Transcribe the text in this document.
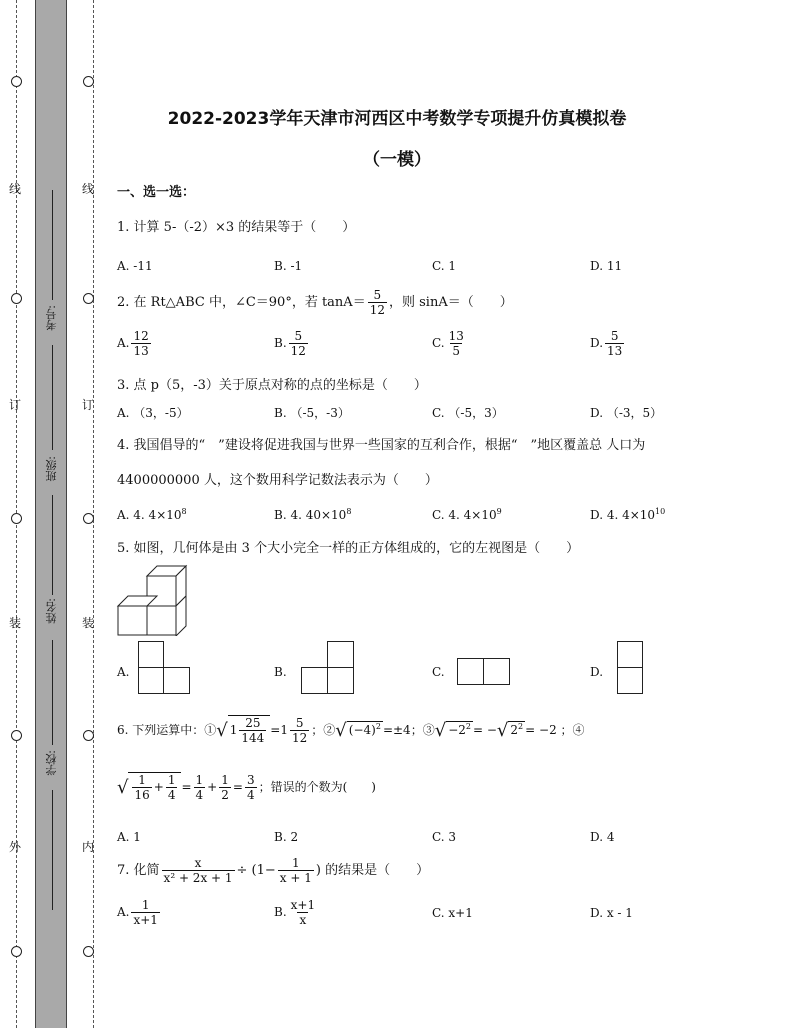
线
订
装
外
线
订
装
内
考号:
班级:
姓名:
学校:
2022-2023学年天津市河西区中考数学专项提升仿真模拟卷
（一模）
一、选一选：
1. 计算 5-（-2）×3 的结果等于（　　）
A. -11	B. -1	C. 1	D. 11
2. 在 Rt△ABC 中，∠C＝90°，若 $\tan A= \frac{5}{12}$ ，则 sinA＝（　　）
A. $\frac{12}{13}$	B. $\frac{5}{12}$	C. $\frac{13}{5}$	D. $\frac{5}{13}$
3. 点 p（5，-3）关于原点对称的点的坐标是（　　）
A. （3，-5）	B. （-5，-3）	C. （-5，3）	D. （-3，5）
4. 我国倡导的“　”建设将促进我国与世界一些国家的互利合作，根据“　”地区覆盖总 人口为
4400000000 人，这个数用科学记数法表示为（　　）
A. 4. $4\times 10^8$	B. 4. $40\times 10^8$	C. 4. $4\times 10^9$	D. 4. $4\times 10^{10}$
5. 如图，几何体是由 3 个大小完全一样的正方体组成的，它的左视图是（　　）
A.	B.	C.	D.
6. 下列运算中：①√ $1 \frac{25}{144} =1 \frac{5}{12}$ ；②√ $(-4)^2 =\pm 4$；③√ $-2^2$ = −√ $2^2 = -2$ ；④
√ $\frac{1}{16} + \frac{1}{4} = \frac{1}{4} + \frac{1}{2} = \frac{3}{4}$ ；错误的个数为(　　)
A. 1	B. 2	C. 3	D. 4
7. 化简 $\frac{x}{\text{x² + 2x + 1}} \div (1- \frac{1}{x + 1}$ ) 的结果是（　　）
A. $\frac{1}{x+1}$	B. $\frac{x+1}{x}$	C. x+1	D. x - 1
